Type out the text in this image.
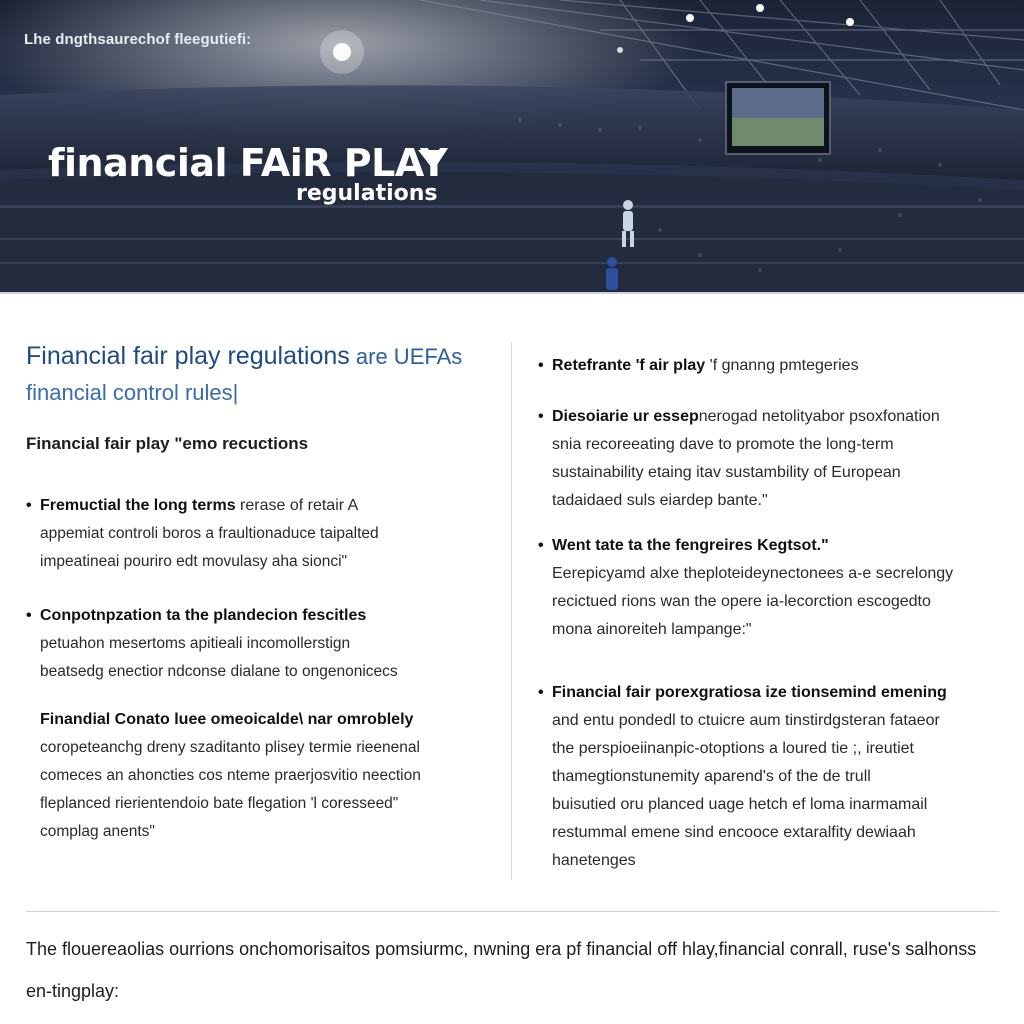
Lhe dngthsaurechof fleegutiefi:
financial FAiR PLAY
regulations

Financial fair play regulations are UEFAs
financial control rules|

Financial fair play "emo recuctions
• Fremuctial the long terms rerase of retair A
appemiat controli boros a fraultionaduce taipalted
impeatineai pouriro edt movulasy aha sionci"
• Conpotnpzation ta the plandecion fescitles
petuahon mesertoms apitieali incomollerstign
beatsedg enectior ndconse dialane to ongenonicecs
Finandial Conato luee omeoicalde\ nar omroblely
coropeteanchg dreny szaditanto plisey termie rieenenal
comeces an ahoncties cos nteme praerjosvitio neection
fleplanced rierientendoio bate flegation 'l coresseed"
complag anents"
• Retefrante 'f air play 'f gnanng pmtegeries
• Diesoiarie ur essepnerogad netolityabor psoxfonation
snia recoreeating dave to promote the long-term
sustainability etaing itav sustambility of European
tadaidaed suls eiardep bante."
• Went tate ta the fengreires Kegtsot."
Eerepicyamd alxe theploteideynectonees a-e secrelongy
recictued rions wan the opere ia-lecorction escogedto
mona ainoreiteh lampange:"
• Financial fair porexgratiosa ize tionsemind emening
and entu pondedl to ctuicre aum tinstirdgsteran fataeor
the perspioeiinanpic-otoptions a loured tie ;, ireutiet
thamegtionstunemity aparend's of the de trull
buisutied oru planced uage hetch ef loma inarmamail
restummal emene sind encooce extaralfity dewiaah
hanetenges
The flouereaolias ourrions onchomorisaitos pomsiurmc, nwning era pf financial off hlay,financial conrall, ruse's salhonss en-tingplay:
